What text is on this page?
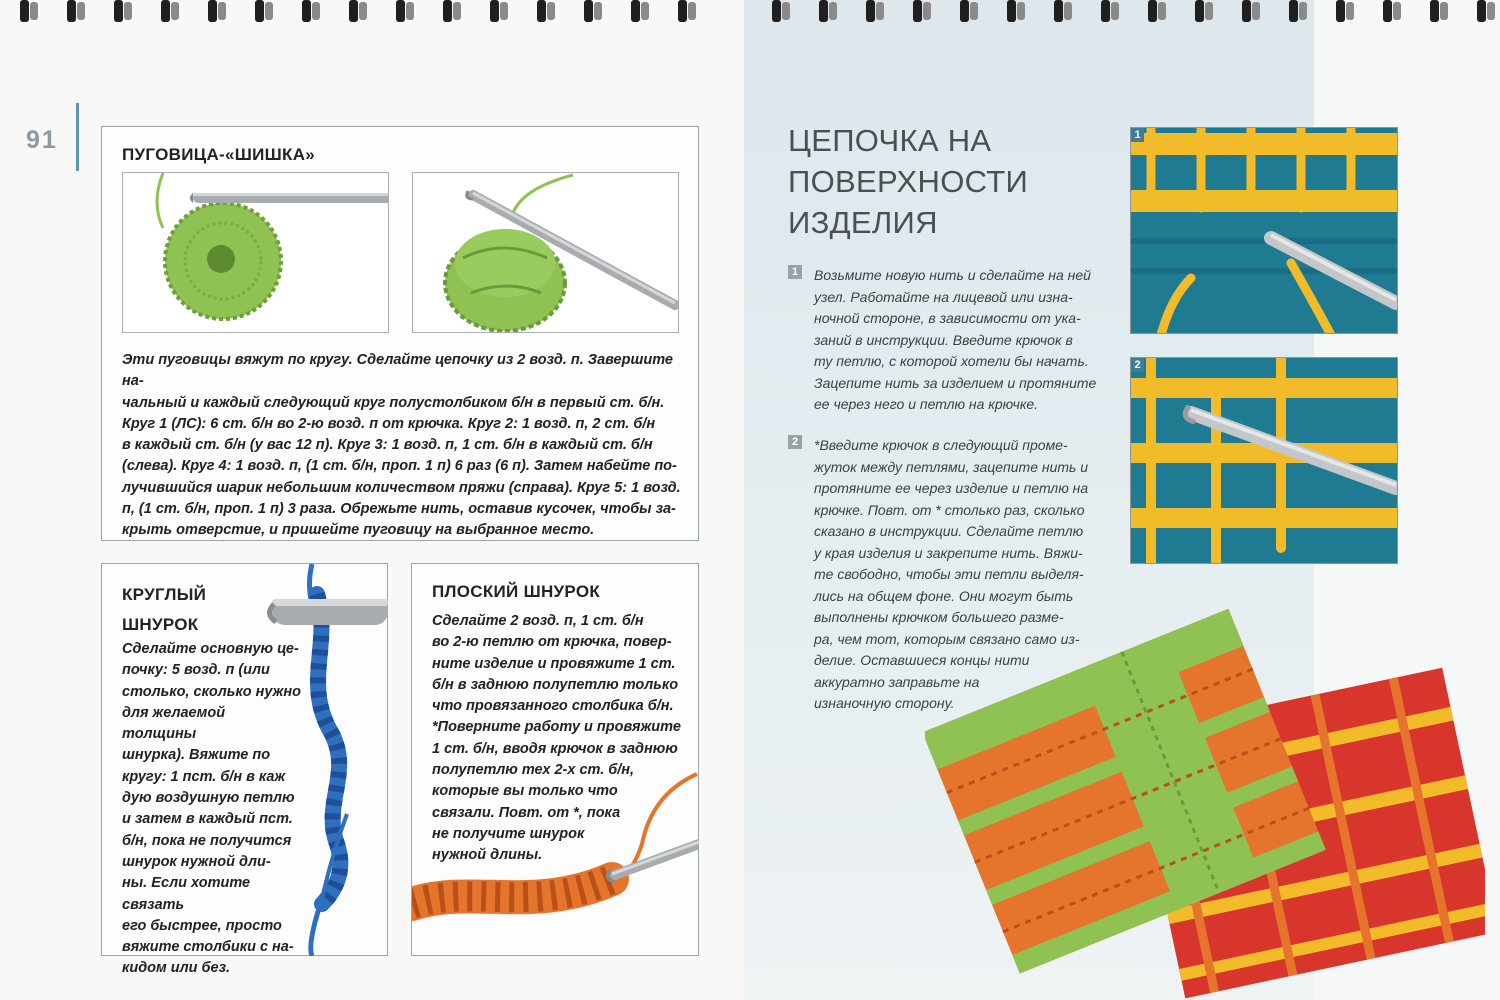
91
ПУГОВИЦА-«ШИШКА»
Эти пуговицы вяжут по кругу. Сделайте цепочку из 2 возд. п. Завершите на-
чальный и каждый следующий круг полустолбиком б/н в первый ст. б/н.
Круг 1 (ЛС): 6 ст. б/н во 2-ю возд. п от крючка. Круг 2: 1 возд. п, 2 ст. б/н
в каждый ст. б/н (у вас 12 п). Круг 3: 1 возд. п, 1 ст. б/н в каждый ст. б/н
(слева). Круг 4: 1 возд. п, (1 ст. б/н, проп. 1 п) 6 раз (6 п). Затем набейте по-
лучившийся шарик небольшим количеством пряжи (справа). Круг 5: 1 возд.
п, (1 ст. б/н, проп. 1 п) 3 раза. Обрежьте нить, оставив кусочек, чтобы за-
крыть отверстие, и пришейте пуговицу на выбранное место.
КРУГЛЫЙ
ШНУРОК
Сделайте основную це-
почку: 5 возд. п (или
столько, сколько нужно
для желаемой толщины
шнурка). Вяжите по
кругу: 1 пст. б/н в каж
дую воздушную петлю
и затем в каждый пст.
б/н, пока не получится
шнурок нужной дли-
ны. Если хотите связать
его быстрее, просто
вяжите столбики с на-
кидом или без.
ПЛОСКИЙ ШНУРОК
Сделайте 2 возд. п, 1 ст. б/н
во 2-ю петлю от крючка, повер-
ните изделие и провяжите 1 ст.
б/н в заднюю полупетлю только
что провязанного столбика б/н.
*Поверните работу и провяжите
1 ст. б/н, вводя крючок в заднюю
полупетлю тех 2-х ст. б/н,
которые вы только что
связали. Повт. от *, пока
не получите шнурок
нужной длины.
ЦЕПОЧКА НА
ПОВЕРХНОСТИ
ИЗДЕЛИЯ
1 Возьмите новую нить и сделайте на ней
узел. Работайте на лицевой или изна-
ночной стороне, в зависимости от ука-
заний в инструкции. Введите крючок в
ту петлю, с которой хотели бы начать.
Зацепите нить за изделием и протяните
ее через него и петлю на крючке.
2 *Введите крючок в следующий проме-
жуток между петлями, зацепите нить и
протяните ее через изделие и петлю на
крючке. Повт. от * столько раз, сколько
сказано в инструкции. Сделайте петлю
у края изделия и закрепите нить. Вяжи-
те свободно, чтобы эти петли выделя-
лись на общем фоне. Они могут быть
выполнены крючком большего разме-
ра, чем тот, которым связано само из-
делие. Оставшиеся концы нити
аккуратно заправьте на
изнаночную сторону.
1
2
